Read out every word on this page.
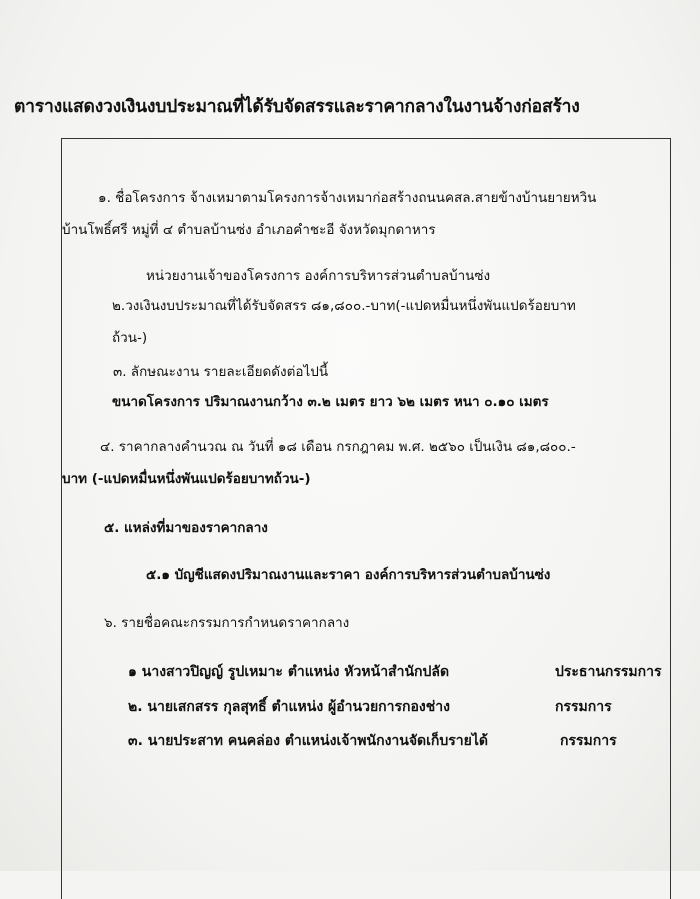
ตารางแสดงวงเงินงบประมาณที่ได้รับจัดสรรและราคากลางในงานจ้างก่อสร้าง
๑. ชื่อโครงการ จ้างเหมาตามโครงการจ้างเหมาก่อสร้างถนนคสล.สายข้างบ้านยายหวิน
บ้านโพธิ์ศรี หมู่ที่ ๔ ตำบลบ้านซ่ง อำเภอคำชะอี จังหวัดมุกดาหาร
หน่วยงานเจ้าของโครงการ องค์การบริหารส่วนตำบลบ้านซ่ง
๒.วงเงินงบประมาณที่ได้รับจัดสรร ๘๑,๘๐๐.-บาท(-แปดหมื่นหนึ่งพันแปดร้อยบาท
ถ้วน-)
๓. ลักษณะงาน รายละเอียดดังต่อไปนี้
ขนาดโครงการ ปริมาณงานกว้าง ๓.๒ เมตร ยาว ๖๒ เมตร หนา ๐.๑๐ เมตร
๔. ราคากลางคำนวณ ณ วันที่ ๑๘ เดือน กรกฎาคม พ.ศ. ๒๕๖๐ เป็นเงิน ๘๑,๘๐๐.-
บาท (-แปดหมื่นหนึ่งพันแปดร้อยบาทถ้วน-)
๕. แหล่งที่มาของราคากลาง
๕.๑ บัญชีแสดงปริมาณงานและราคา องค์การบริหารส่วนตำบลบ้านซ่ง
๖. รายชื่อคณะกรรมการกำหนดราคากลาง
๑ นางสาวปิญญ์ รูปเหมาะ ตำแหน่ง หัวหน้าสำนักปลัด	ประธานกรรมการ
๒. นายเสกสรร กุลสุทธิ์ ตำแหน่ง ผู้อำนวยการกองช่าง	กรรมการ
๓. นายประสาท คนคล่อง ตำแหน่งเจ้าพนักงานจัดเก็บรายได้	กรรมการ
